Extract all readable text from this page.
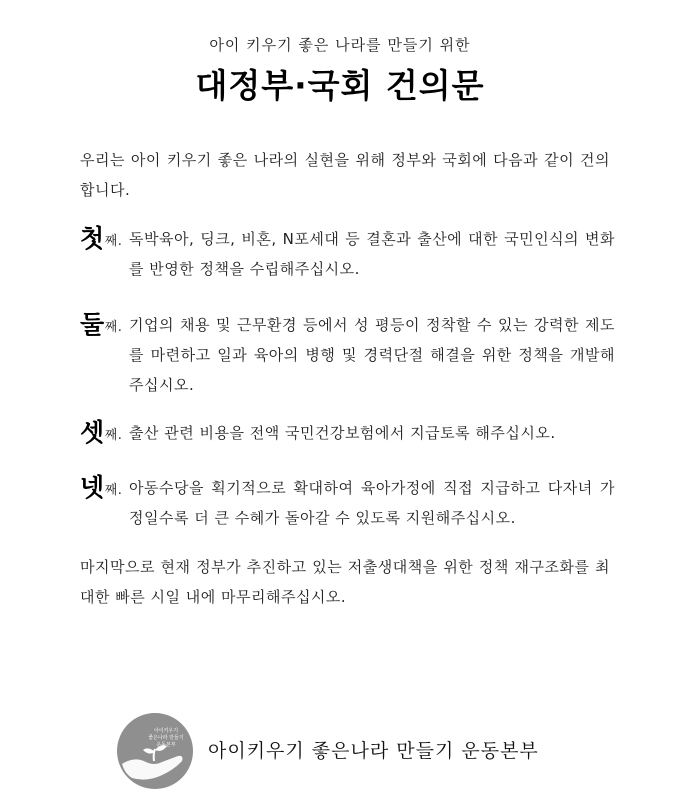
아이 키우기 좋은 나라를 만들기 위한
대정부·국회 건의문
우리는 아이 키우기 좋은 나라의 실현을 위해 정부와 국회에 다음과 같이 건의 합니다.
첫째. 독박육아, 딩크, 비혼, N포세대 등 결혼과 출산에 대한 국민인식의 변화를 반영한 정책을 수립해주십시오.
둘째. 기업의 채용 및 근무환경 등에서 성 평등이 정착할 수 있는 강력한 제도를 마련하고 일과 육아의 병행 및 경력단절 해결을 위한 정책을 개발해주십시오.
셋째. 출산 관련 비용을 전액 국민건강보험에서 지급토록 해주십시오.
넷째. 아동수당을 획기적으로 확대하여 육아가정에 직접 지급하고 다자녀 가정일수록 더 큰 수혜가 돌아갈 수 있도록 지원해주십시오.
마지막으로 현재 정부가 추진하고 있는 저출생대책을 위한 정책 재구조화를 최대한 빠른 시일 내에 마무리해주십시오.
아이키우기
좋은나라 만들기
운동본부 아이키우기 좋은나라 만들기 운동본부
